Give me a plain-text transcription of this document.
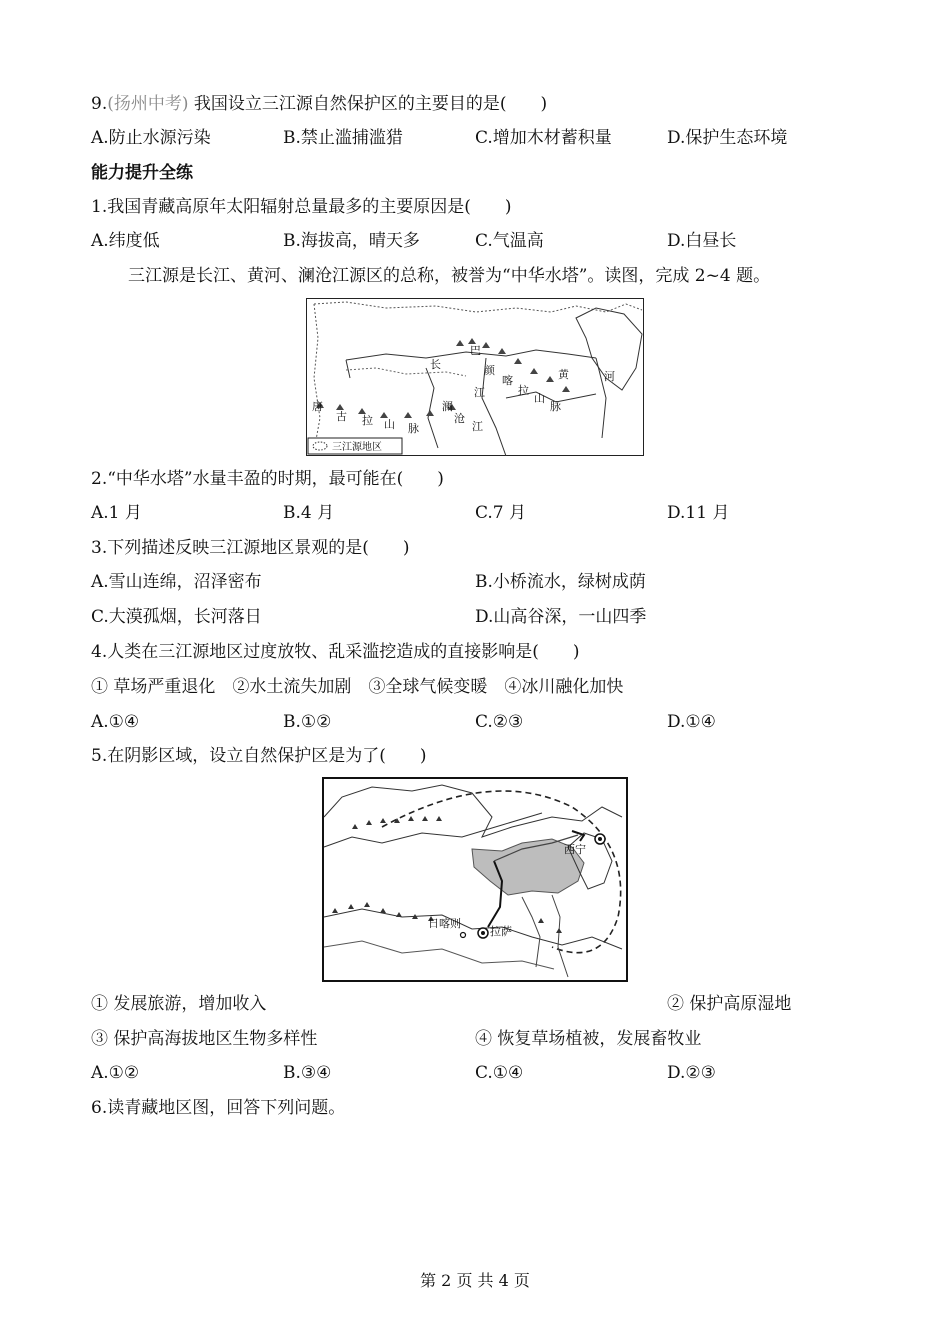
9.(扬州中考) 我国设立三江源自然保护区的主要目的是(　　)
A.防止水源污染	B.禁止滥捕滥猎	C.增加木材蓄积量	D.保护生态环境
能力提升全练
1.我国青藏高原年太阳辐射总量最多的主要原因是(　　)
A.纬度低	B.海拔高，晴天多	C.气温高	D.白昼长
三江源是长江、黄河、澜沧江源区的总称，被誉为“中华水塔”。读图，完成 2~4 题。
长
巴
颜
喀
拉
山
脉
黄	河
江
唐
古 拉 山 脉
澜
沧
江
三江源地区
2.“中华水塔”水量丰盈的时期，最可能在(　　)
A.1 月	B.4 月	C.7 月	D.11 月
3.下列描述反映三江源地区景观的是(　　)
A.雪山连绵，沼泽密布	B.小桥流水，绿树成荫
C.大漠孤烟，长河落日	D.山高谷深，一山四季
4.人类在三江源地区过度放牧、乱采滥挖造成的直接影响是(　　)
① 草场严重退化　②水土流失加剧　③全球气候变暖　④冰川融化加快
A.①④	B.①②	C.②③	D.①④
5.在阴影区域，设立自然保护区是为了(　　)
西宁
日喀则
拉萨
① 发展旅游，增加收入	② 保护高原湿地
③ 保护高海拔地区生物多样性	④ 恢复草场植被，发展畜牧业
A.①②	B.③④	C.①④	D.②③
6.读青藏地区图，回答下列问题。
第 2 页 共 4 页
